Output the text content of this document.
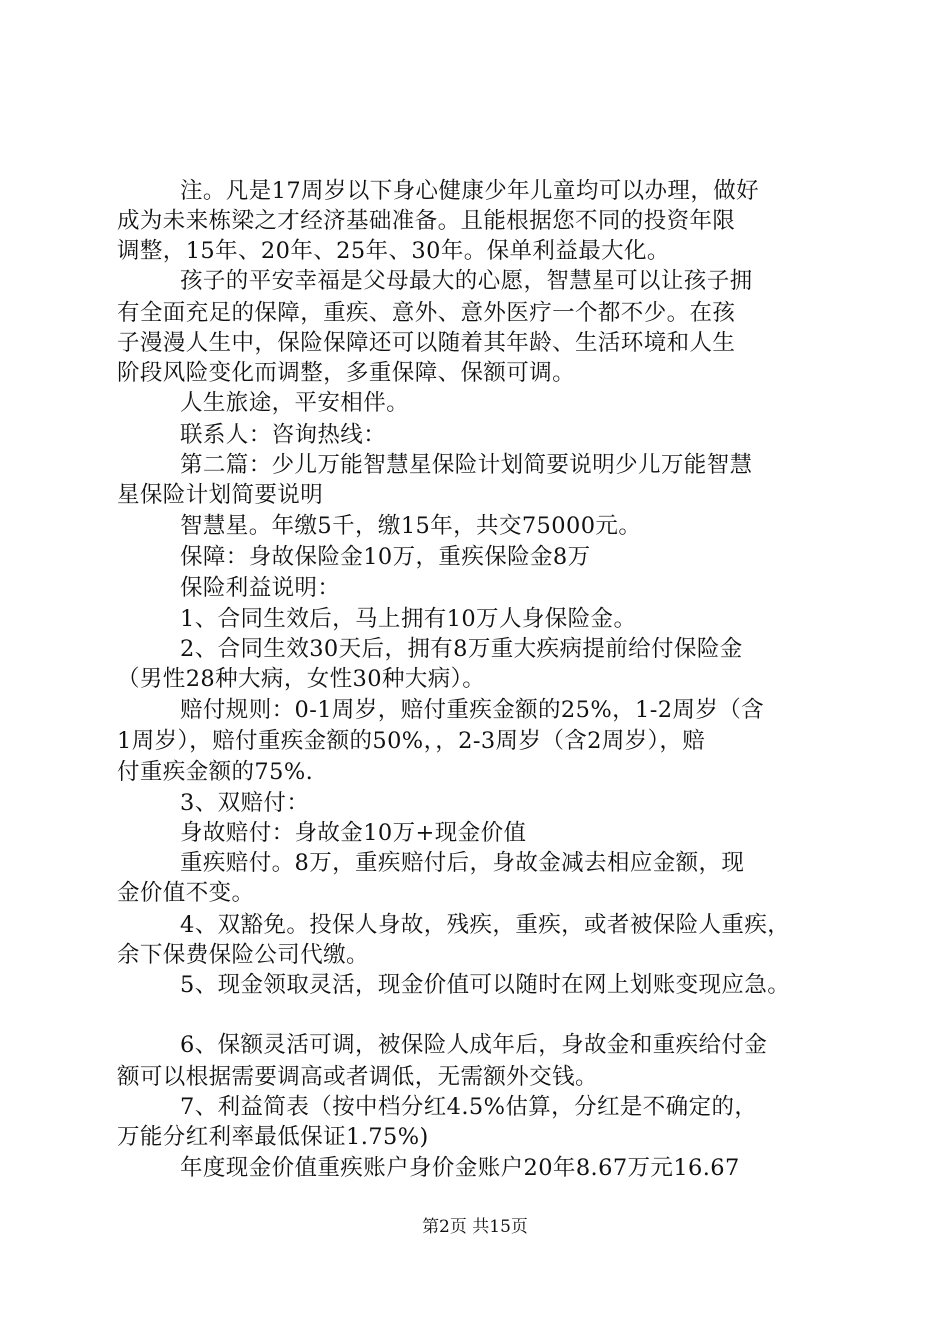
注。凡是17周岁以下身心健康少年儿童均可以办理，做好
成为未来栋梁之才经济基础准备。且能根据您不同的投资年限
调整，15年、20年、25年、30年。保单利益最大化。
孩子的平安幸福是父母最大的心愿，智慧星可以让孩子拥
有全面充足的保障，重疾、意外、意外医疗一个都不少。在孩
子漫漫人生中，保险保障还可以随着其年龄、生活环境和人生
阶段风险变化而调整，多重保障、保额可调。
人生旅途，平安相伴。
联系人：咨询热线：
第二篇：少儿万能智慧星保险计划简要说明少儿万能智慧
星保险计划简要说明
智慧星。年缴5千，缴15年，共交75000元。
保障：身故保险金10万，重疾保险金8万
保险利益说明：
1、合同生效后，马上拥有10万人身保险金。
2、合同生效30天后，拥有8万重大疾病提前给付保险金
（男性28种大病，女性30种大病）。
赔付规则：0-1周岁，赔付重疾金额的25%，1-2周岁（含
1周岁），赔付重疾金额的50%，，2-3周岁（含2周岁），赔
付重疾金额的75%.
3、双赔付：
身故赔付：身故金10万+现金价值
重疾赔付。8万，重疾赔付后，身故金减去相应金额，现
金价值不变。
4、双豁免。投保人身故，残疾，重疾，或者被保险人重疾，
余下保费保险公司代缴。
5、现金领取灵活，现金价值可以随时在网上划账变现应急。
6、保额灵活可调，被保险人成年后，身故金和重疾给付金
额可以根据需要调高或者调低，无需额外交钱。
7、利益简表（按中档分红4.5%估算，分红是不确定的，
万能分红利率最低保证1.75%)
年度现金价值重疾账户身价金账户20年8.67万元16.67
第2页 共15页
